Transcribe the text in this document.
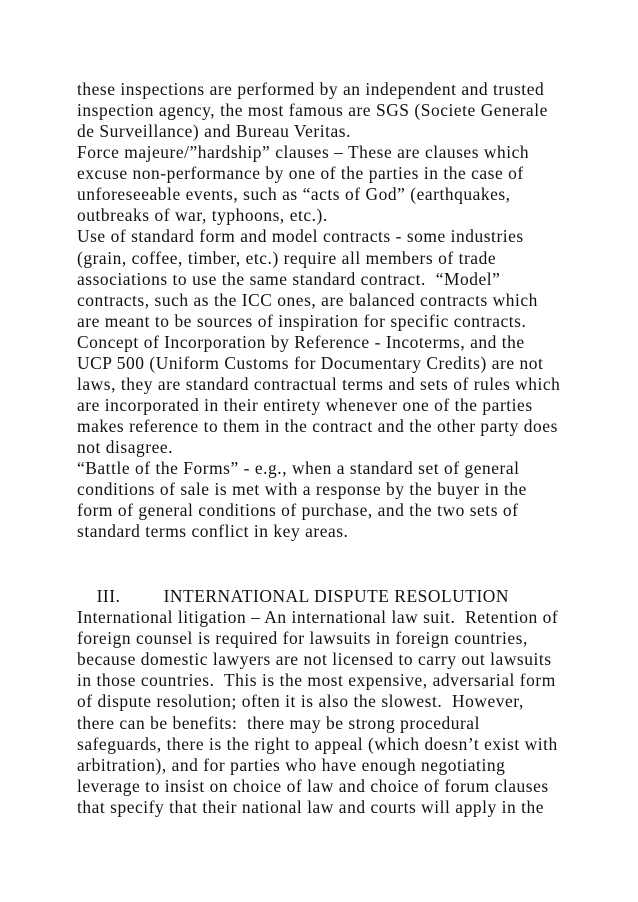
these inspections are performed by an independent and trusted
inspection agency, the most famous are SGS (Societe Generale
de Surveillance) and Bureau Veritas.
Force majeure/”hardship” clauses – These are clauses which
excuse non-performance by one of the parties in the case of
unforeseeable events, such as “acts of God” (earthquakes,
outbreaks of war, typhoons, etc.).
Use of standard form and model contracts - some industries
(grain, coffee, timber, etc.) require all members of trade
associations to use the same standard contract.  “Model”
contracts, such as the ICC ones, are balanced contracts which
are meant to be sources of inspiration for specific contracts.
Concept of Incorporation by Reference - Incoterms, and the
UCP 500 (Uniform Customs for Documentary Credits) are not
laws, they are standard contractual terms and sets of rules which
are incorporated in their entirety whenever one of the parties
makes reference to them in the contract and the other party does
not disagree.
“Battle of the Forms” - e.g., when a standard set of general
conditions of sale is met with a response by the buyer in the
form of general conditions of purchase, and the two sets of
standard terms conflict in key areas.

III. INTERNATIONAL DISPUTE RESOLUTION

International litigation – An international law suit.  Retention of
foreign counsel is required for lawsuits in foreign countries,
because domestic lawyers are not licensed to carry out lawsuits
in those countries.  This is the most expensive, adversarial form
of dispute resolution; often it is also the slowest.  However,
there can be benefits:  there may be strong procedural
safeguards, there is the right to appeal (which doesn’t exist with
arbitration), and for parties who have enough negotiating
leverage to insist on choice of law and choice of forum clauses
that specify that their national law and courts will apply in the
